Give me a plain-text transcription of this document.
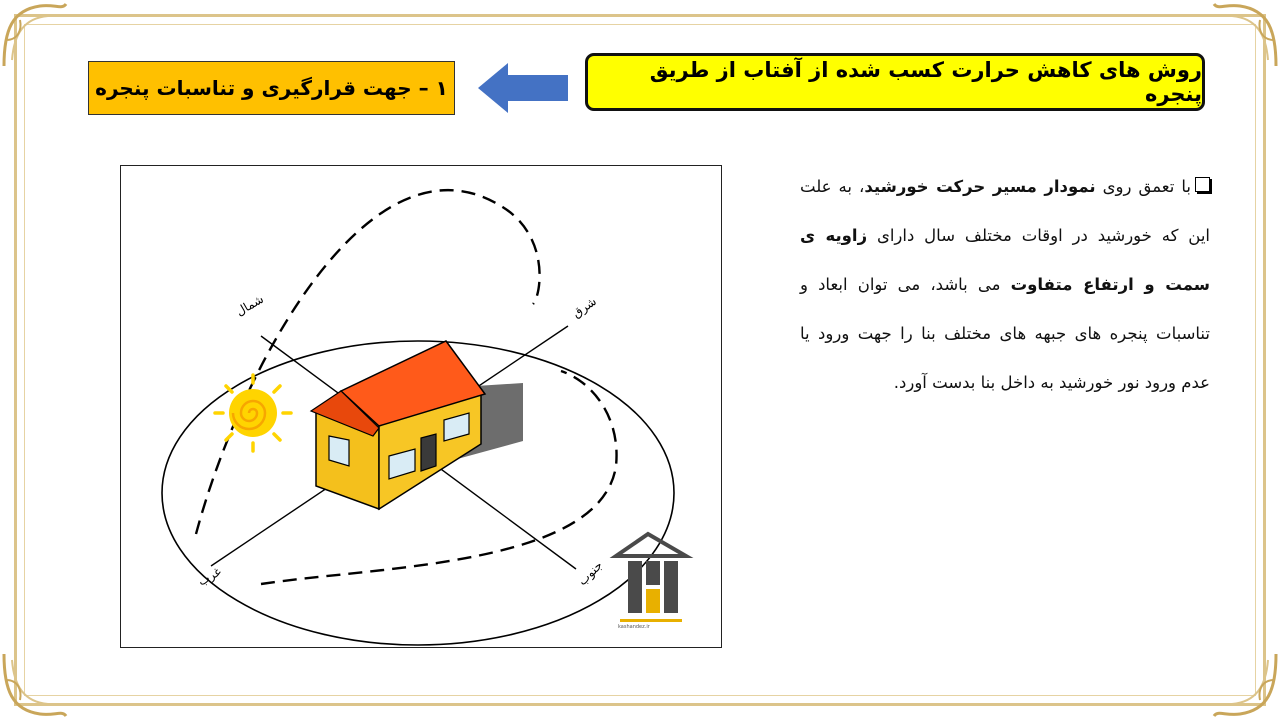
روش های کاهش حرارت کسب شده از آفتاب از طریق پنجره
۱ – جهت قرارگیری و تناسبات پنجره
شمال	شرق
غرب	جنوب
kashandez.ir
با تعمق روی نمودار مسیر حرکت خورشید، به علت این که خورشید در اوقات مختلف سال دارای زاویه ی سمت و ارتفاع متفاوت می باشد، می توان ابعاد و تناسبات پنجره های جبهه های مختلف بنا را جهت ورود یا عدم ورود نور خورشید به داخل بنا بدست آورد.
